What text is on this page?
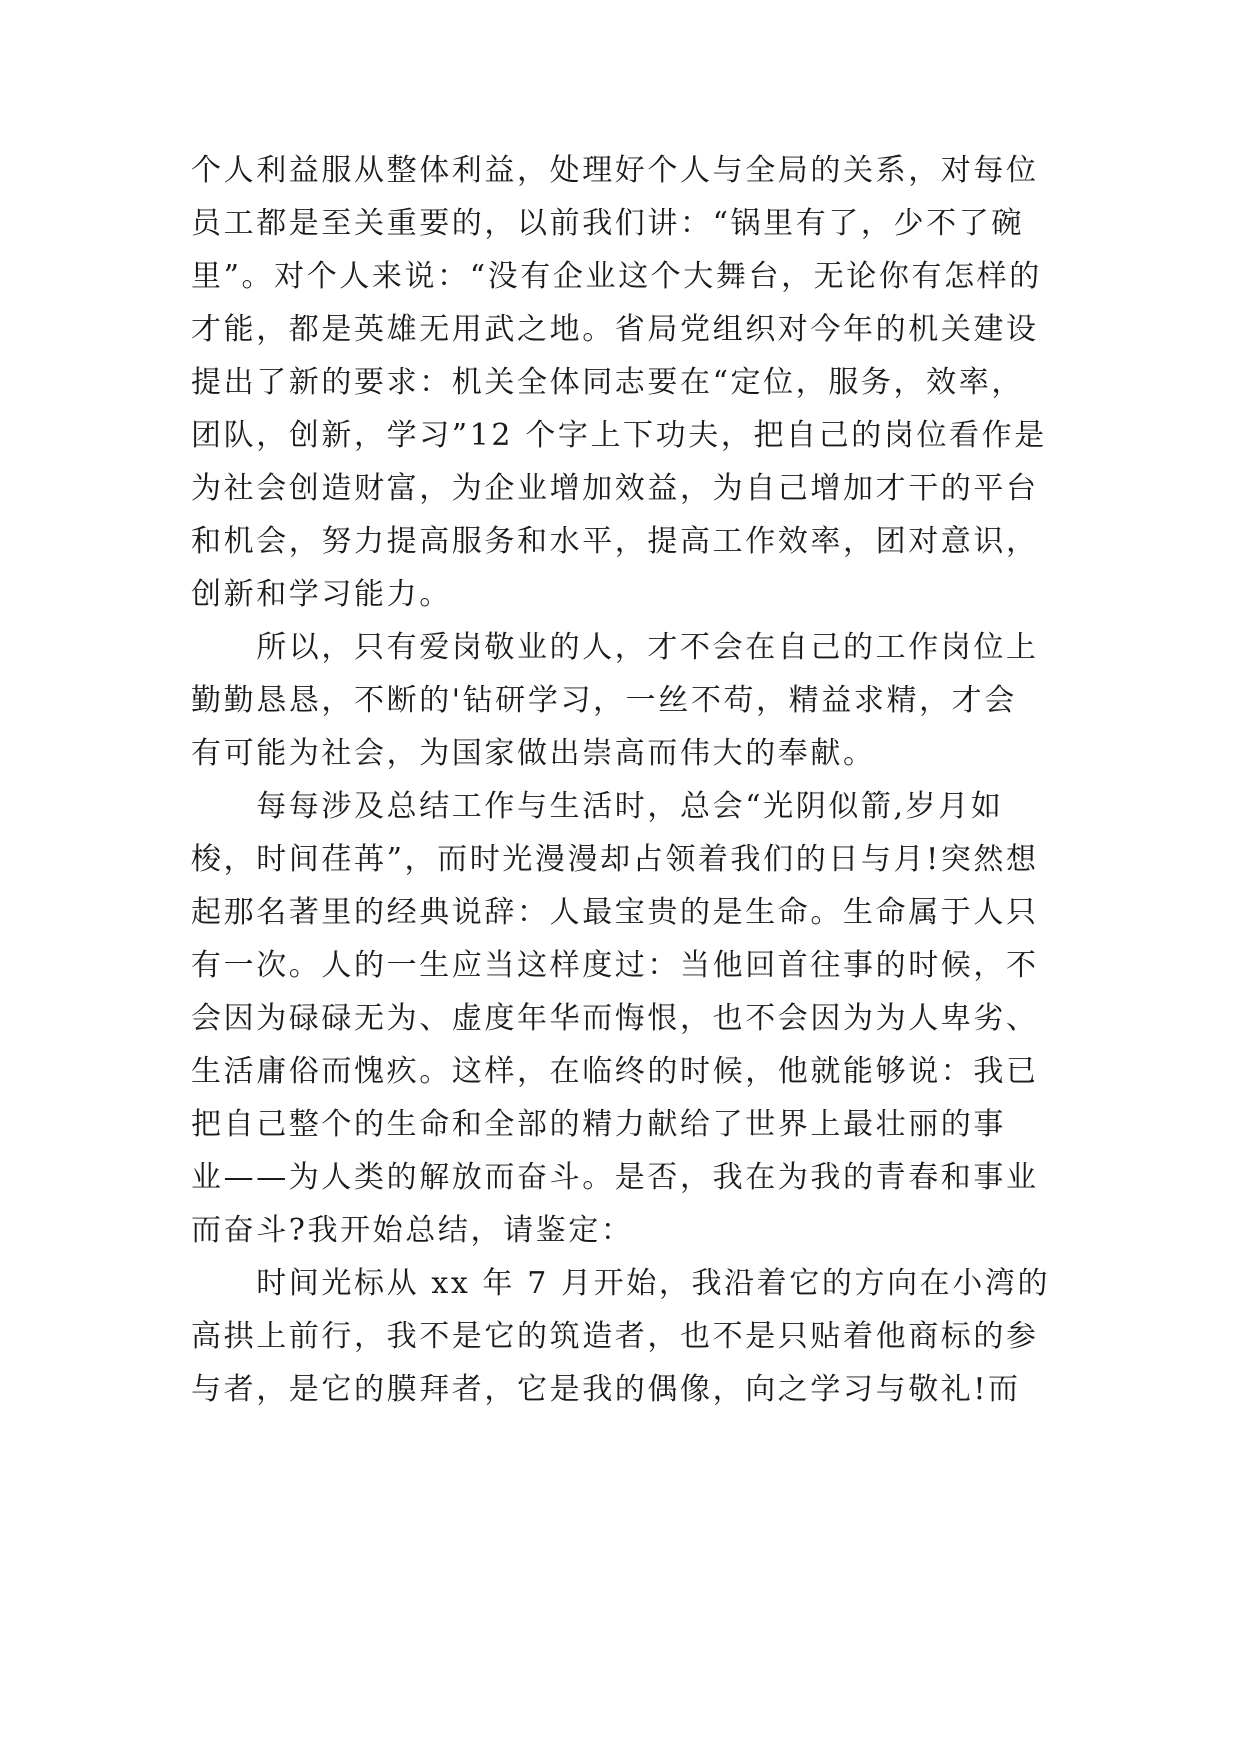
个人利益服从整体利益，处理好个人与全局的关系，对每位
员工都是至关重要的，以前我们讲：“锅里有了，少不了碗
里”。对个人来说：“没有企业这个大舞台，无论你有怎样的
才能，都是英雄无用武之地。省局党组织对今年的机关建设
提出了新的要求：机关全体同志要在“定位，服务，效率，
团队，创新，学习”12 个字上下功夫，把自己的岗位看作是
为社会创造财富，为企业增加效益，为自己增加才干的平台
和机会，努力提高服务和水平，提高工作效率，团对意识，
创新和学习能力。
　　所以，只有爱岗敬业的人，才不会在自己的工作岗位上
勤勤恳恳，不断的'钻研学习，一丝不苟，精益求精，才会
有可能为社会，为国家做出崇高而伟大的奉献。
　　每每涉及总结工作与生活时，总会“光阴似箭,岁月如
梭，时间荏苒”，而时光漫漫却占领着我们的日与月!突然想
起那名著里的经典说辞：人最宝贵的是生命。生命属于人只
有一次。人的一生应当这样度过：当他回首往事的时候，不
会因为碌碌无为、虚度年华而悔恨，也不会因为为人卑劣、
生活庸俗而愧疚。这样，在临终的时候，他就能够说：我已
把自己整个的生命和全部的精力献给了世界上最壮丽的事
业——为人类的解放而奋斗。是否，我在为我的青春和事业
而奋斗?我开始总结，请鉴定：
　　时间光标从 xx 年 7 月开始，我沿着它的方向在小湾的
高拱上前行，我不是它的筑造者，也不是只贴着他商标的参
与者，是它的膜拜者，它是我的偶像，向之学习与敬礼!而
